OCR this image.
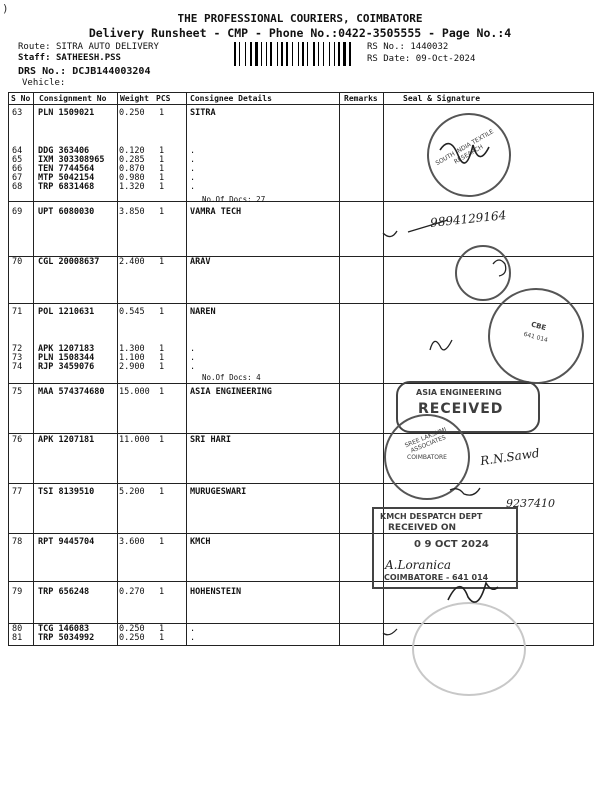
)
THE PROFESSIONAL COURIERS, COIMBATORE
Delivery Runsheet - CMP - Phone No.:0422-3505555 - Page No.:4
Route: SITRA AUTO DELIVERY
Staff: SATHEESH.PSS
DRS No.: DCJB144003204
Vehicle:
RS No.: 1440032
RS Date: 09-Oct-2024
S No Consignment No Weight PCS Consignee Details	Remarks	Seal & Signature
63 PLN 1509021	0.250 1	SITRA
64 DDG 363406	0.120 1	.
65 IXM 303308965 0.285 1	.
66 TEN 7744564	0.870 1	.
67 MTP 5042154	0.980 1	.
68 TRP 6831468	1.320 1	.
69 UPT 6080030	3.850 1	VAMRA TECH
70 CGL 20008637 2.400 1	ARAV
71 POL 1210631	0.545 1	NAREN
72 APK 1207183	1.300 1	.
73 PLN 1508344	1.100 1	.
74 RJP 3459076	2.900 1	.
75 MAA 574374680 15.000 1	ASIA ENGINEERING
76 APK 1207181	11.000 1	SRI HARI
77 TSI 8139510	5.200 1	MURUGESWARI
78 RPT 9445704	3.600 1	KMCH
79 TRP 656248	0.270 1	HOHENSTEIN
80 TCG 146083	0.250 1	.
81 TRP 5034992	0.250 1	.
No.Of Docs: 27
No.Of Docs: 4
SOUTH INDIA TEXTILE RESEARCH
CBE
641 014
ASIA ENGINEERING
RECEIVED
SREE LAKSHMI ASSOCIATES
COIMBATORE
KMCH DESPATCH DEPT
RECEIVED ON
0 9 OCT 2024
COIMBATORE - 641 014
9894129164
R.N.Sawd
9237410
A.Loranica
